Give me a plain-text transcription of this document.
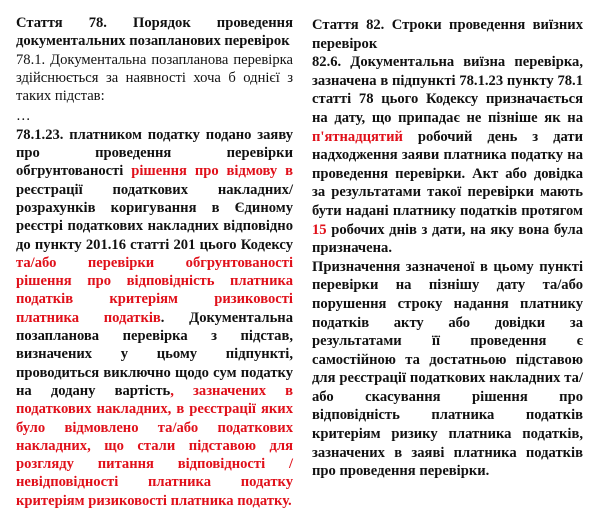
Стаття 78. Порядок проведення документальних позапланових перевірок

78.1. Документальна позапланова перевірка здійснюється за наявності хоча б однієї з таких підстав:

…

78.1.23. платником податку подано заяву про проведення перевірки обгрунтованості рішення про відмову в реєстрації податкових накладних/розрахунків коригування в Єдиному реєстрі податкових накладних відповідно до пункту 201.16 статті 201 цього Кодексу та/або перевірки обгрунтованості рішення про відповідність платника податків критеріям ризиковості платника податків. Документальна позапланова перевірка з підстав, визначених у цьому підпункті, проводиться виключно щодо сум податку на додану вартість, зазначених в податкових накладних, в реєстрації яких було відмовлено та/або податкових накладних, що стали підставою для розгляду питання відповідності / невідповідності платника податку критеріям ризиковості платника податку.

Стаття 82. Строки проведення виїзних перевірок

82.6. Документальна виїзна перевірка, зазначена в підпункті 78.1.23 пункту 78.1 статті 78 цього Кодексу призначається на дату, що припадає не пізніше як на п'ятнадцятий робочий день з дати надходження заяви платника податку на проведення перевірки. Акт або довідка за результатами такої перевірки мають бути надані платнику податків протягом 15 робочих днів з дати, на яку вона була призначена.

Призначення зазначеної в цьому пункті перевірки на пізнішу дату та/або порушення строку надання платнику податків акту або довідки за результатами її проведення є самостійною та достатньою підставою для реєстрації податкових накладних та/або скасування рішення про відповідність платника податків критеріям ризику платника податків, зазначених в заяві платника податків про проведення перевірки.
